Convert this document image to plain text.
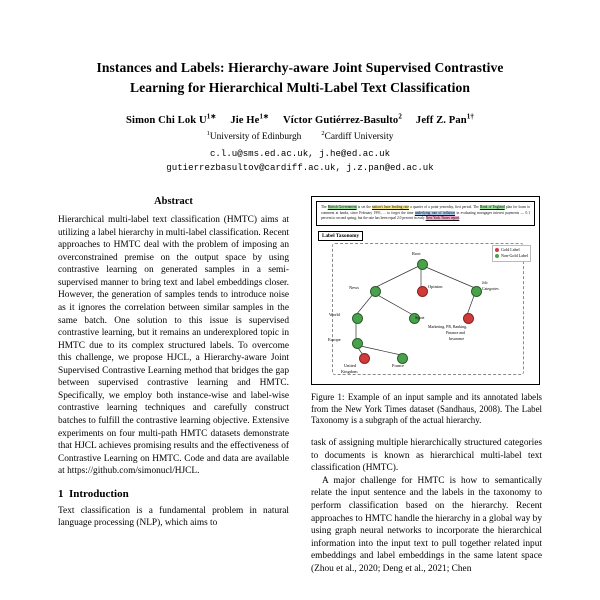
Instances and Labels: Hierarchy-aware Joint Supervised Contrastive
Learning for Hierarchical Multi-Label Text Classification
Simon Chi Lok $U^{1∗}$ Jie $He^{1∗}$ Víctor Gutiérrez-Basulto$^2$ Jeff Z. Pan$^{1\dagger}$
$^1$University of Edinburgh	$^2$Cardiff University
c.l.u@sms.ed.ac.uk, j.he@ed.ac.uk
gutierrezbasultov@cardiff.ac.uk, j.z.pan@ed.ac.uk
Abstract

Hierarchical multi-label text classification (HMTC) aims at utilizing a label hierarchy in multi-label classification. Recent approaches to HMTC deal with the problem of imposing an overconstrained premise on the output space by using contrastive learning on generated samples in a semi-supervised manner to bring text and label embeddings closer. However, the generation of samples tends to introduce noise as it ignores the correlation between similar samples in the same batch. One solution to this issue is supervised contrastive learning, but it remains an underexplored topic in HMTC due to its complex structured labels. To overcome this challenge, we propose HJCL, a Hierarchy-aware Joint Supervised Contrastive Learning method that bridges the gap between supervised contrastive learning and HMTC. Specifically, we employ both instance-wise and label-wise contrastive learning techniques and carefully construct batches to fulfill the contrastive learning objective. Extensive experiments on four multi-path HMTC datasets demonstrate that HJCL achieves promising results and the effectiveness of Contrastive Learning on HMTC. Code and data are available at https://github.com/simonucl/HJCL.

1 Introduction

Text classification is a fundamental problem in natural language processing (NLP), which aims to

The British Government is set the nation's base lending rate a quarter of a point yesterday, first period. The Bank of England plan for loans to comment at banks, since February 1991, ... to forget the time underlying rate of inflation in evaluating mortgages interest payments — 0.1 percent to second spring, but the rate has been equal 2.0 percent in early New York Times report.
Label Taxonomy
Gold Label
Non-Gold Label
Root
News	Opinion
Job
Categories
World
Sport
Marketing, PR, Banking,
Finance and
Insurance
Europe
France
United
Kingdom
Figure 1: Example of an input sample and its annotated labels from the New York Times dataset (Sandhaus, 2008). The Label Taxonomy is a subgraph of the actual hierarchy.

task of assigning multiple hierarchically structured categories to documents is known as hierarchical multi-label text classification (HMTC).

A major challenge for HMTC is how to semantically relate the input sentence and the labels in the taxonomy to perform classification based on the hierarchy. Recent approaches to HMTC handle the hierarchy in a global way by using graph neural networks to incorporate the hierarchical information into the input text to pull together related input embeddings and label embeddings in the same latent space (Zhou et al., 2020; Deng et al., 2021; Chen
